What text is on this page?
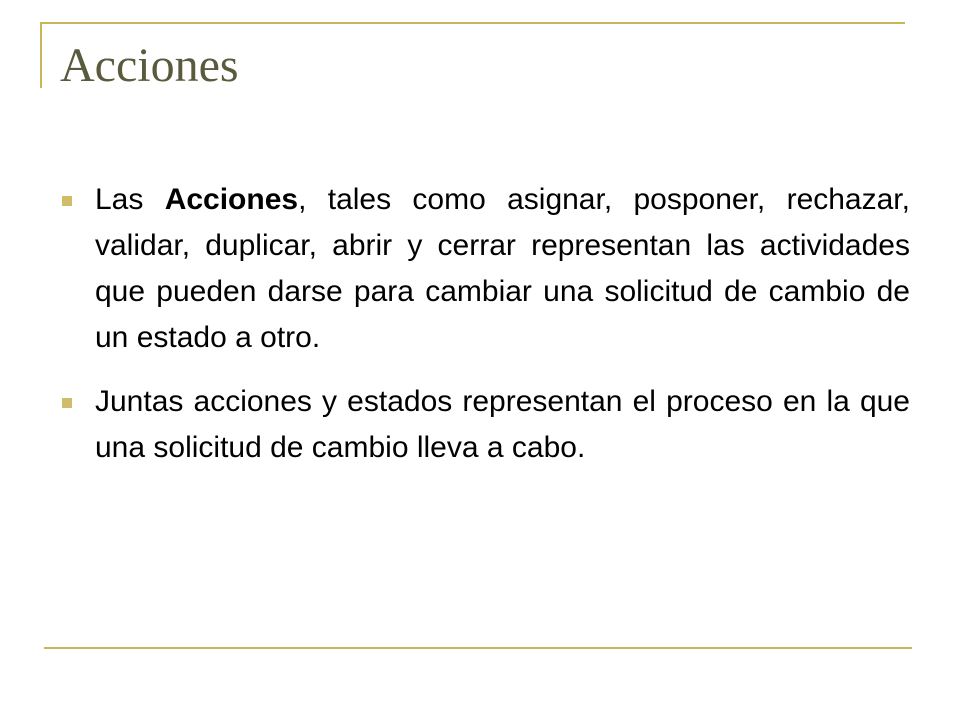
Acciones
Las Acciones, tales como asignar, posponer, rechazar, validar, duplicar, abrir y cerrar representan las actividades que pueden darse para cambiar una solicitud de cambio de un estado a otro.
Juntas acciones y estados representan el proceso en la que una solicitud de cambio lleva a cabo.
